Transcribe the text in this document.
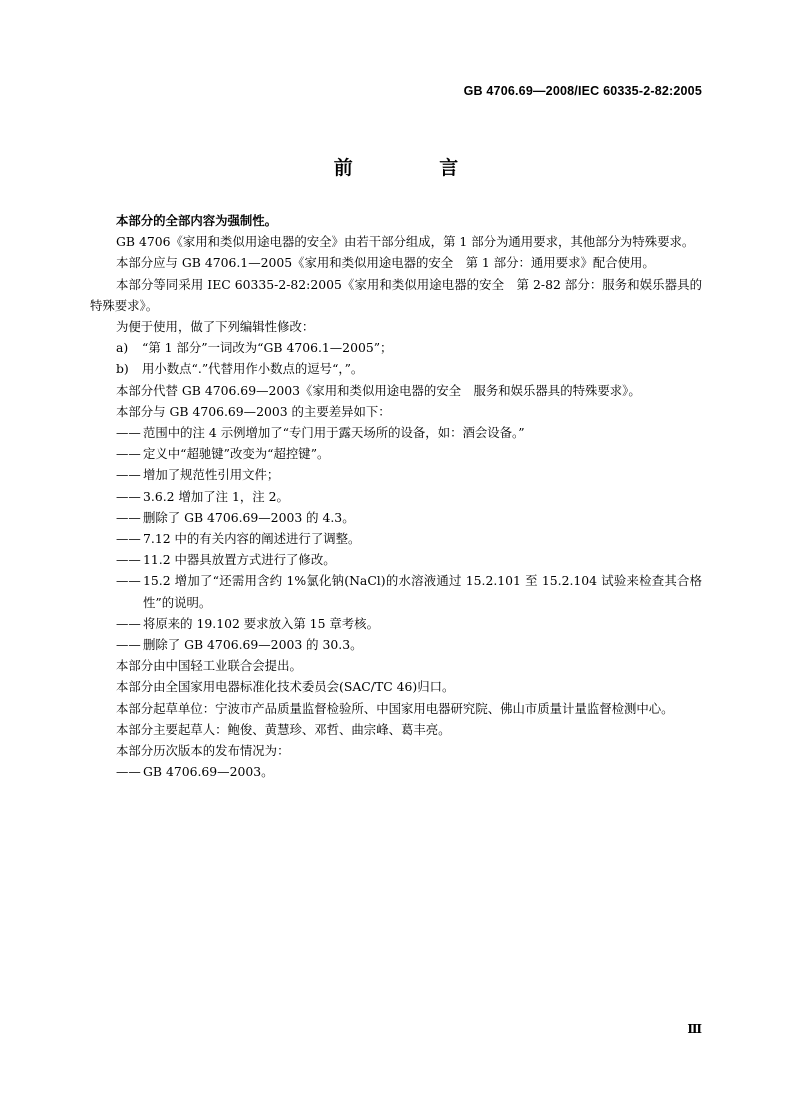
GB 4706.69—2008/IEC 60335-2-82:2005
前 言

本部分的全部内容为强制性。

GB 4706《家用和类似用途电器的安全》由若干部分组成，第 1 部分为通用要求，其他部分为特殊要求。

本部分应与 GB 4706.1—2005《家用和类似用途电器的安全　第 1 部分：通用要求》配合使用。

本部分等同采用 IEC 60335-2-82:2005《家用和类似用途电器的安全　第 2-82 部分：服务和娱乐器具的特殊要求》。

为便于使用，做了下列编辑性修改：

a) “第 1 部分”一词改为“GB 4706.1—2005”；

b) 用小数点“.”代替用作小数点的逗号“，”。

本部分代替 GB 4706.69—2003《家用和类似用途电器的安全　服务和娱乐器具的特殊要求》。

本部分与 GB 4706.69—2003 的主要差异如下：

—— 范围中的注 4 示例增加了“专门用于露天场所的设备，如：酒会设备。”

—— 定义中“超驰键”改变为“超控键”。

—— 增加了规范性引用文件；

—— 3.6.2 增加了注 1，注 2。

—— 删除了 GB 4706.69—2003 的 4.3。

—— 7.12 中的有关内容的阐述进行了调整。

—— 11.2 中器具放置方式进行了修改。

—— 15.2 增加了“还需用含约 1%氯化钠(NaCl)的水溶液通过 15.2.101 至 15.2.104 试验来检查其合格性”的说明。

—— 将原来的 19.102 要求放入第 15 章考核。

—— 删除了 GB 4706.69—2003 的 30.3。

本部分由中国轻工业联合会提出。

本部分由全国家用电器标准化技术委员会(SAC/TC 46)归口。

本部分起草单位：宁波市产品质量监督检验所、中国家用电器研究院、佛山市质量计量监督检测中心。

本部分主要起草人：鲍俊、黄慧珍、邓哲、曲宗峰、葛丰亮。

本部分历次版本的发布情况为：

—— GB 4706.69—2003。

Ⅲ
